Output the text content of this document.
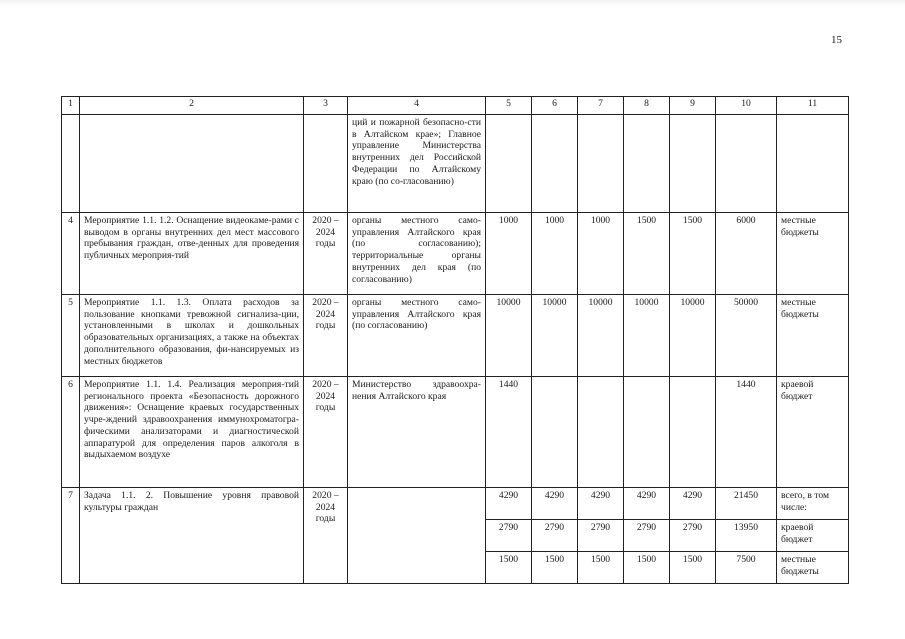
15
1	2	3	4	5	6	7	8	9	10	11
			ций и пожарной безопасно-сти в Алтайском крае»; Главное управление Министерства внутренних дел Российской Федерации по Алтайскому краю (по со-гласованию)							
4	Мероприятие 1.1. 1.2. Оснащение видеокаме-рами с выводом в органы внутренних дел мест массового пребывания граждан, отве-денных для проведения публичных мероприя-тий	2020 – 2024 годы	органы местного само-управления Алтайского края (по согласованию); территориальные органы внутренних дел края (по согласованию)	1000	1000	1000	1500	1500	6000	местные бюджеты
5	Мероприятие 1.1. 1.3. Оплата расходов за пользование кнопками тревожной сигнализа-ции, установленными в школах и дошкольных образовательных организациях, а также на объектах дополнительного образования, фи-нансируемых из местных бюджетов	2020 – 2024 годы	органы местного само-управления Алтайского края (по согласованию)	10000	10000	10000	10000	10000	50000	местные бюджеты
6	Мероприятие 1.1. 1.4. Реализация мероприя-тий регионального проекта «Безопасность дорожного движения»: Оснащение краевых государственных учре-ждений здравоохранения иммунохроматогра-фическими анализаторами и диагностической аппаратурой для определения паров алкоголя в выдыхаемом воздухе	2020 – 2024 годы	Министерство здравоохра-нения Алтайского края	1440					1440	краевой бюджет
7	Задача 1.1. 2. Повышение уровня правовой культуры граждан	2020 – 2024 годы		4290	4290	4290	4290	4290	21450	всего, в том числе:
				2790	2790	2790	2790	2790	13950	краевой бюджет
				1500	1500	1500	1500	1500	7500	местные бюджеты
